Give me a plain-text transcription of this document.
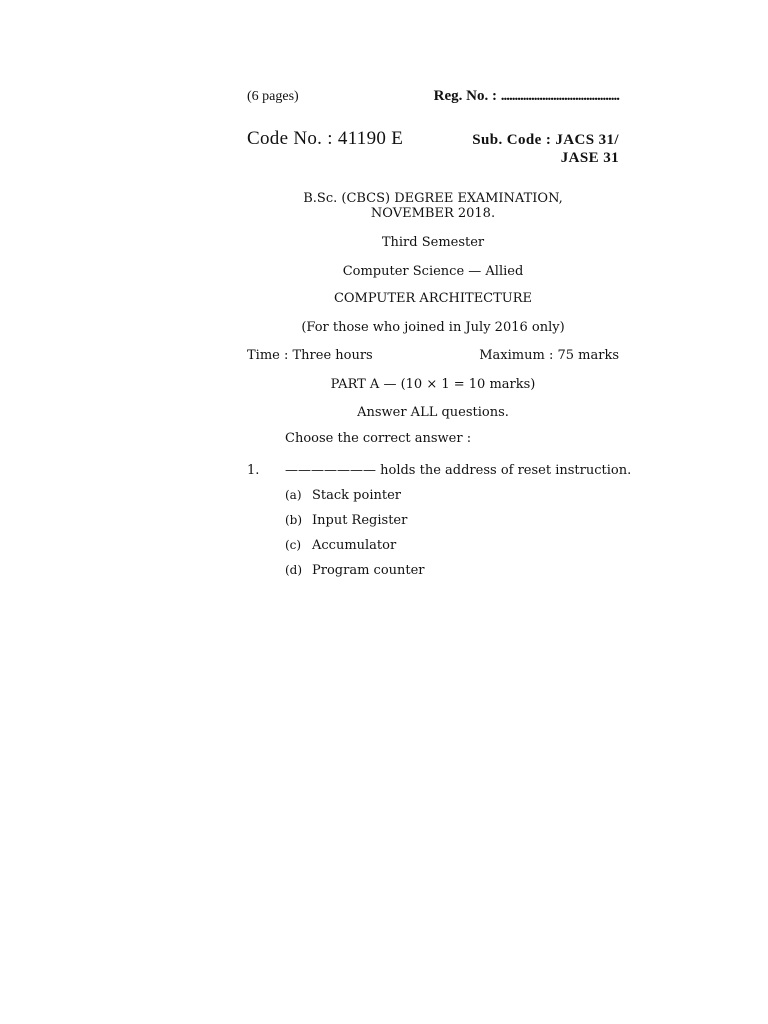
(6 pages)	Reg. No. : ...........................................
Code No. : 41190 E	Sub. Code : JACS 31/
JASE 31
B.Sc. (CBCS) DEGREE EXAMINATION,
NOVEMBER 2018.
Third Semester
Computer Science — Allied
COMPUTER ARCHITECTURE
(For those who joined in July 2016 only)
Time : Three hours	Maximum : 75 marks
PART A — (10 × 1 = 10 marks)
Answer ALL questions.
Choose the correct answer :
1. ——————— holds the address of reset instruction.
(a) Stack pointer
(b) Input Register
(c) Accumulator
(d) Program counter
